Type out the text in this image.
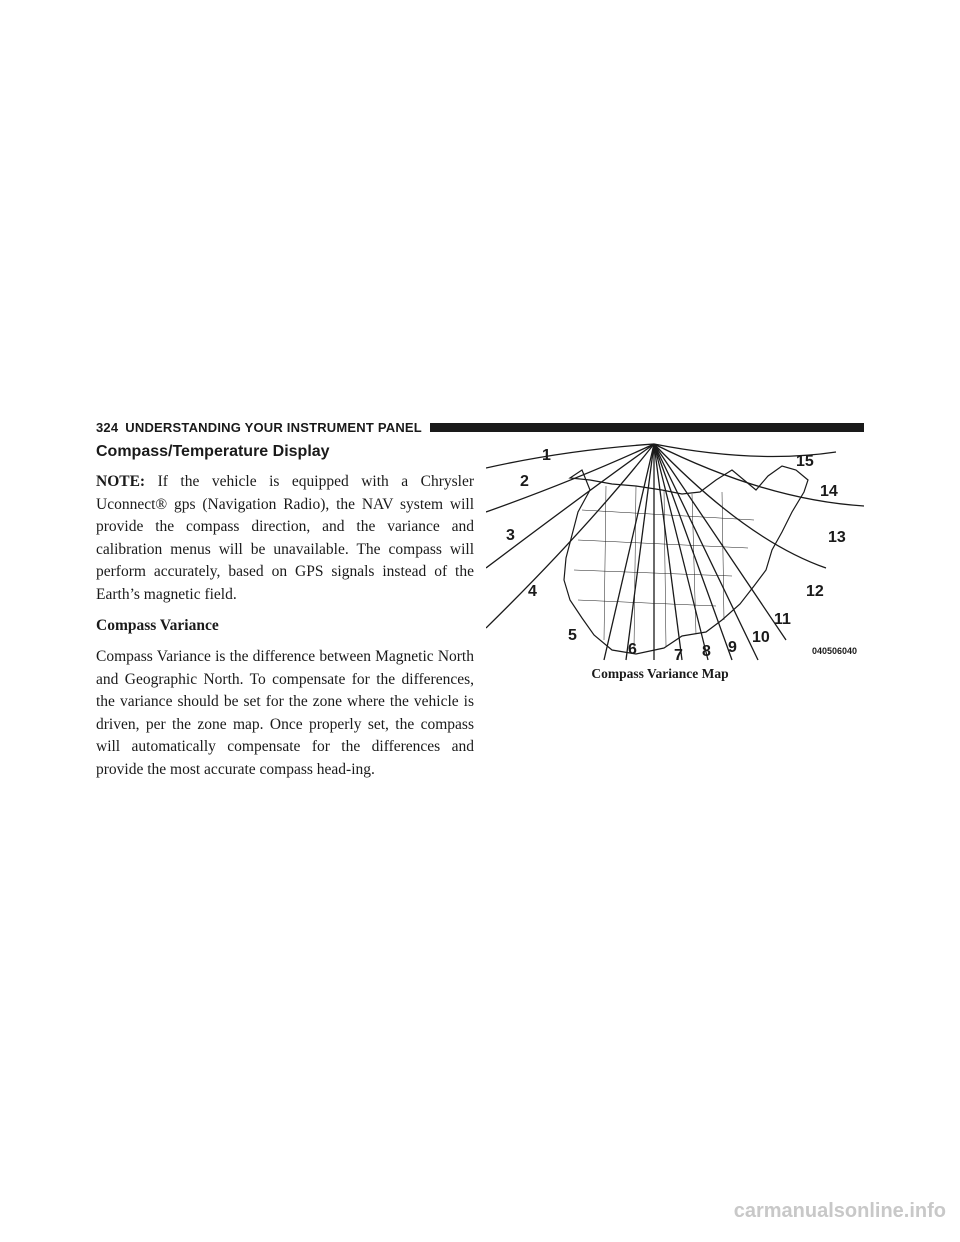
324 UNDERSTANDING YOUR INSTRUMENT PANEL
Compass/Temperature Display

NOTE: If the vehicle is equipped with a Chrysler Uconnect® gps (Navigation Radio), the NAV system will provide the compass direction, and the variance and calibration menus will be unavailable. The compass will perform accurately, based on GPS signals instead of the Earth’s magnetic field.

Compass Variance

Compass Variance is the difference between Magnetic North and Geographic North. To compensate for the differences, the variance should be set for the zone where the vehicle is driven, per the zone map. Once properly set, the compass will automatically compensate for the differences and provide the most accurate compass head-ing.

1
2
3
4
5
6 7 8 9
10
11
12
13
14
15
040506040
Compass Variance Map
carmanualsonline.info
